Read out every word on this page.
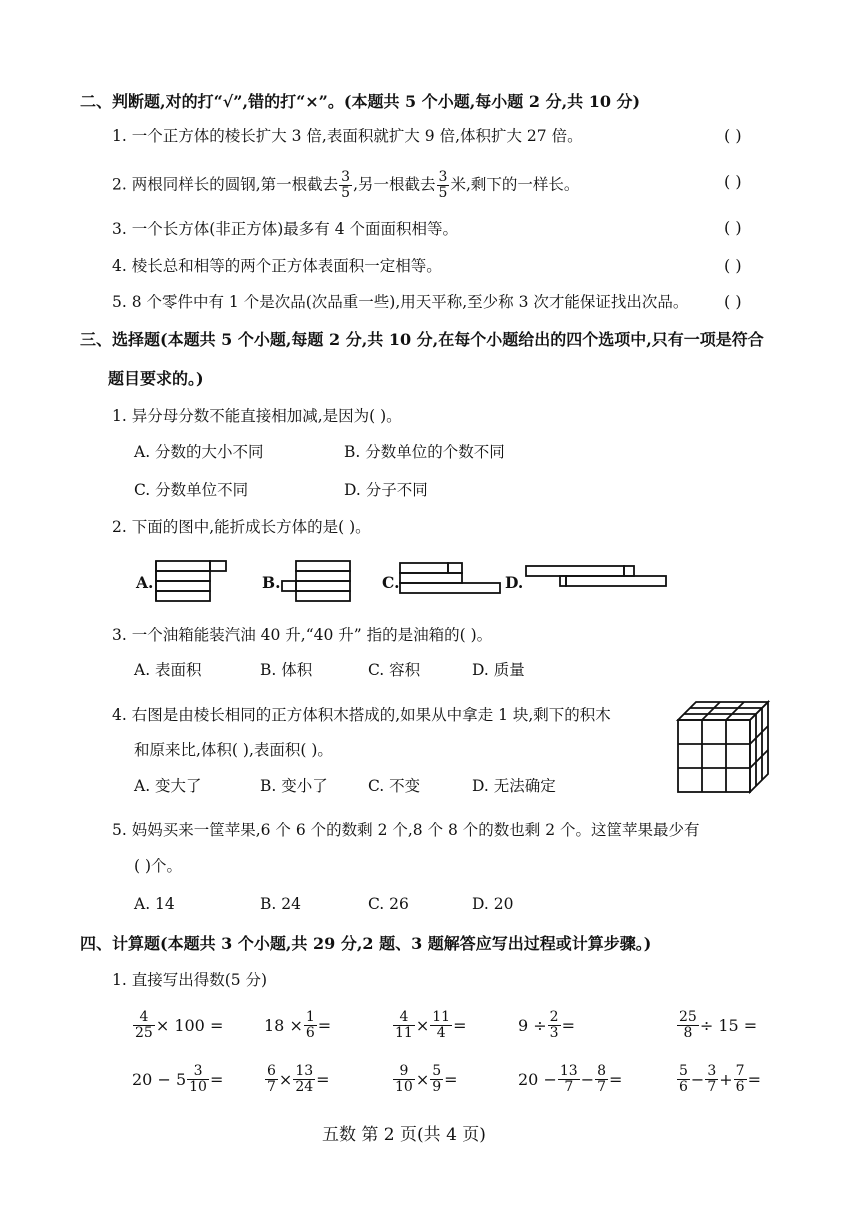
二、判断题,对的打“√”,错的打“×”。(本题共 5 个小题,每小题 2 分,共 10 分)
1. 一个正方体的棱长扩大 3 倍,表面积就扩大 9 倍,体积扩大 27 倍。	( )
2. 两根同样长的圆钢,第一根截去 $\frac{3}{5}$ ,另一根截去 $\frac{3}{5}$ 米,剩下的一样长。	( )
3. 一个长方体(非正方体)最多有 4 个面面积相等。	( )
4. 棱长总和相等的两个正方体表面积一定相等。	( )
5. 8 个零件中有 1 个是次品(次品重一些),用天平称,至少称 3 次才能保证找出次品。 ( )
三、选择题(本题共 5 个小题,每题 2 分,共 10 分,在每个小题给出的四个选项中,只有一项是符合
题目要求的。)
1. 异分母分数不能直接相加减,是因为( )。
A. 分数的大小不同	B. 分数单位的个数不同
C. 分数单位不同	D. 分子不同
2. 下面的图中,能折成长方体的是( )。
A.	B.	C.	D.
3. 一个油箱能装汽油 40 升,“40 升” 指的是油箱的( )。
A. 表面积	B. 体积	C. 容积	D. 质量
4. 右图是由棱长相同的正方体积木搭成的,如果从中拿走 1 块,剩下的积木
和原来比,体积( ),表面积( )。
A. 变大了	B. 变小了	C. 不变	D. 无法确定
5. 妈妈买来一筐苹果,6 个 6 个的数剩 2 个,8 个 8 个的数也剩 2 个。这筐苹果最少有
( )个。
A. 14	B. 24	C. 26	D. 20
四、计算题(本题共 3 个小题,共 29 分,2 题、3 题解答应写出过程或计算步骤。)
1. 直接写出得数(5 分)
$\frac{4}{25} \times 100$ =	$18 \times \frac{1}{6}$ =	$\frac{4}{11} \times \frac{11}{4}$ =	$9 \div \frac{2}{3}$ =	$\frac{25}{8} \div 15$ =
$20 - 5 \frac{3}{10}$ =	$\frac{6}{7} \times \frac{13}{24}$ =	$\frac{9}{10} \times \frac{5}{9}$ =	$20 - \frac{13}{7} - \frac{8}{7}$ =	$\frac{5}{6} - \frac{3}{7} + \frac{7}{6}$ =
五数 第 2 页(共 4 页)
